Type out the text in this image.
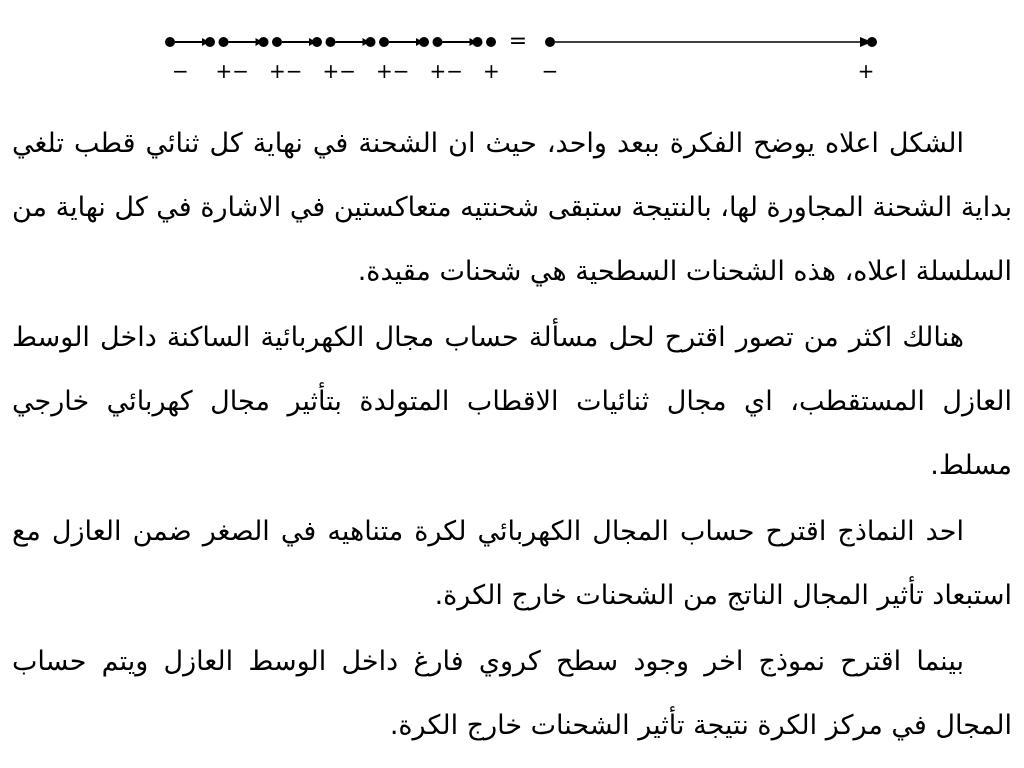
=
−	+
− +− +− +− +− +− +
الشكل اعلاه يوضح الفكرة ببعد واحد، حيث ان الشحنة في نهاية كل ثنائي قطب تلغي بداية الشحنة المجاورة لها، بالنتيجة ستبقى شحنتيه متعاكستين في الاشارة في كل نهاية من السلسلة اعلاه، هذه الشحنات السطحية هي شحنات مقيدة.
هنالك اكثر من تصور اقترح لحل مسألة حساب مجال الكهربائية الساكنة داخل الوسط العازل المستقطب، اي مجال ثنائيات الاقطاب المتولدة بتأثير مجال كهربائي خارجي مسلط.
احد النماذج اقترح حساب المجال الكهربائي لكرة متناهيه في الصغر ضمن العازل مع استبعاد تأثير المجال الناتج من الشحنات خارج الكرة.
بينما اقترح نموذج اخر وجود سطح كروي فارغ داخل الوسط العازل ويتم حساب المجال في مركز الكرة نتيجة تأثير الشحنات خارج الكرة.
